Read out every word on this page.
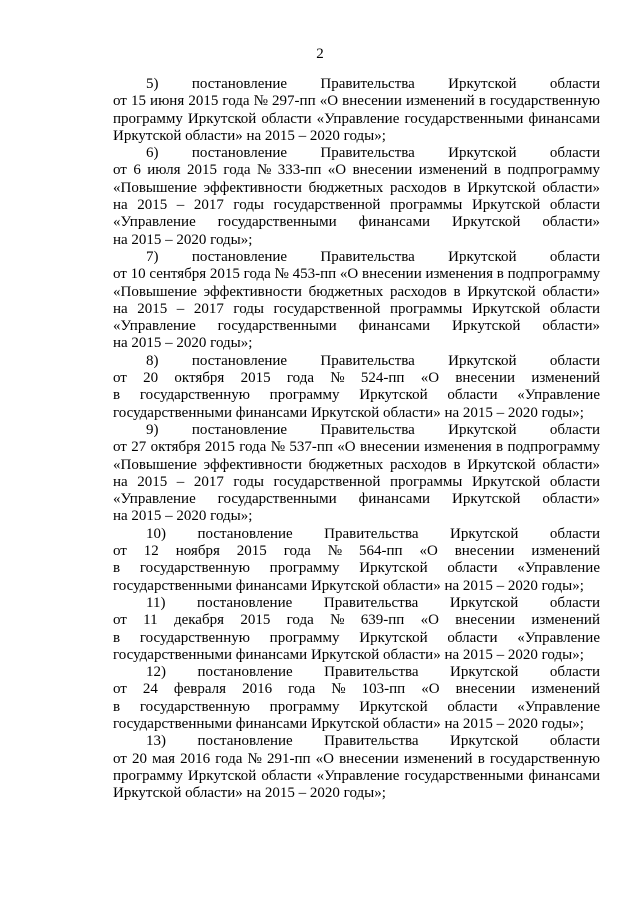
2
5) постановление Правительства Иркутской области
от 15 июня 2015 года № 297-пп «О внесении изменений в государственную
программу Иркутской области «Управление государственными финансами
Иркутской области» на 2015 – 2020 годы»;
6) постановление Правительства Иркутской области
от 6 июля 2015 года № 333-пп «О внесении изменений в подпрограмму
«Повышение эффективности бюджетных расходов в Иркутской области»
на 2015 – 2017 годы государственной программы Иркутской области
«Управление государственными финансами Иркутской области»
на 2015 – 2020 годы»;
7) постановление Правительства Иркутской области
от 10 сентября 2015 года № 453-пп «О внесении изменения в подпрограмму
«Повышение эффективности бюджетных расходов в Иркутской области»
на 2015 – 2017 годы государственной программы Иркутской области
«Управление государственными финансами Иркутской области»
на 2015 – 2020 годы»;
8) постановление Правительства Иркутской области
от 20 октября 2015 года № 524-пп «О внесении изменений
в государственную программу Иркутской области «Управление
государственными финансами Иркутской области» на 2015 – 2020 годы»;
9) постановление Правительства Иркутской области
от 27 октября 2015 года № 537-пп «О внесении изменения в подпрограмму
«Повышение эффективности бюджетных расходов в Иркутской области»
на 2015 – 2017 годы государственной программы Иркутской области
«Управление государственными финансами Иркутской области»
на 2015 – 2020 годы»;
10) постановление Правительства Иркутской области
от 12 ноября 2015 года № 564-пп «О внесении изменений
в государственную программу Иркутской области «Управление
государственными финансами Иркутской области» на 2015 – 2020 годы»;
11) постановление Правительства Иркутской области
от 11 декабря 2015 года № 639-пп «О внесении изменений
в государственную программу Иркутской области «Управление
государственными финансами Иркутской области» на 2015 – 2020 годы»;
12) постановление Правительства Иркутской области
от 24 февраля 2016 года № 103-пп «О внесении изменений
в государственную программу Иркутской области «Управление
государственными финансами Иркутской области» на 2015 – 2020 годы»;
13) постановление Правительства Иркутской области
от 20 мая 2016 года № 291-пп «О внесении изменений в государственную
программу Иркутской области «Управление государственными финансами
Иркутской области» на 2015 – 2020 годы»;
